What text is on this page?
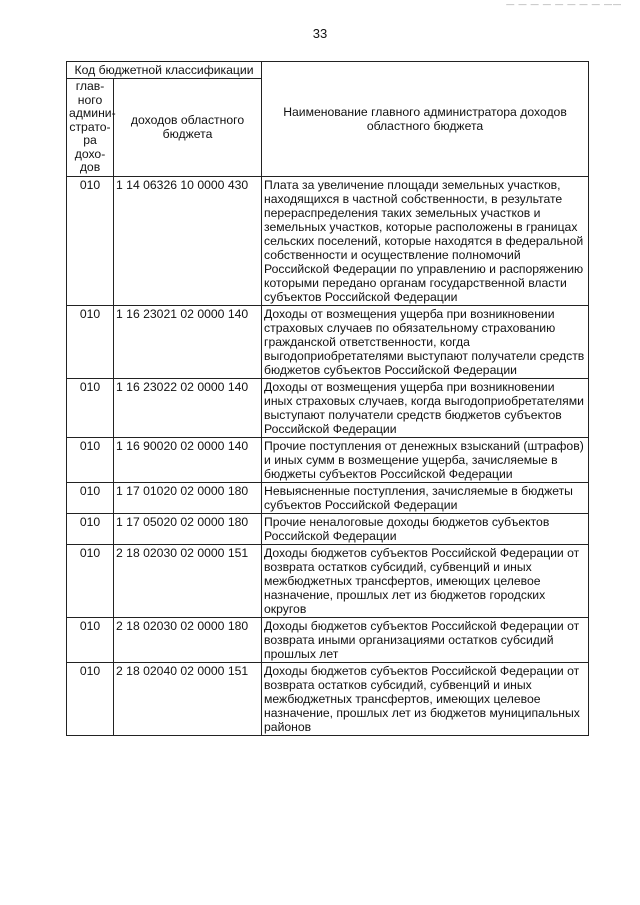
— — — — — — — — ——
33
Код бюджетной классификации		Наименование главного администратора доходов областного бюджета
глав-ного админи-страто-ра дохо-дов	доходов областного бюджета	
010	1 14 06326 10 0000 430	Плата за увеличение площади земельных участков, находящихся в частной собственности, в результате перераспределения таких земельных участков и земельных участков, которые расположены в границах сельских поселений, которые находятся в федеральной собственности и осуществление полномочий Российской Федерации по управлению и распоряжению которыми передано органам государственной власти субъектов Российской Федерации
010	1 16 23021 02 0000 140	Доходы от возмещения ущерба при возникновении страховых случаев по обязательному страхованию гражданской ответственности, когда выгодоприобретателями выступают получатели средств бюджетов субъектов Российской Федерации
010	1 16 23022 02 0000 140	Доходы от возмещения ущерба при возникновении иных страховых случаев, когда выгодоприобретателями выступают получатели средств бюджетов субъектов Российской Федерации
010	1 16 90020 02 0000 140	Прочие поступления от денежных взысканий (штрафов) и иных сумм в возмещение ущерба, зачисляемые в бюджеты субъектов Российской Федерации
010	1 17 01020 02 0000 180	Невыясненные поступления, зачисляемые в бюджеты субъектов Российской Федерации
010	1 17 05020 02 0000 180	Прочие неналоговые доходы бюджетов субъектов Российской Федерации
010	2 18 02030 02 0000 151	Доходы бюджетов субъектов Российской Федерации от возврата остатков субсидий, субвенций и иных межбюджетных трансфертов, имеющих целевое назначение, прошлых лет из бюджетов городских округов
010	2 18 02030 02 0000 180	Доходы бюджетов субъектов Российской Федерации от возврата иными организациями остатков субсидий прошлых лет
010	2 18 02040 02 0000 151	Доходы бюджетов субъектов Российской Федерации от возврата остатков субсидий, субвенций и иных межбюджетных трансфертов, имеющих целевое назначение, прошлых лет из бюджетов муниципальных районов
